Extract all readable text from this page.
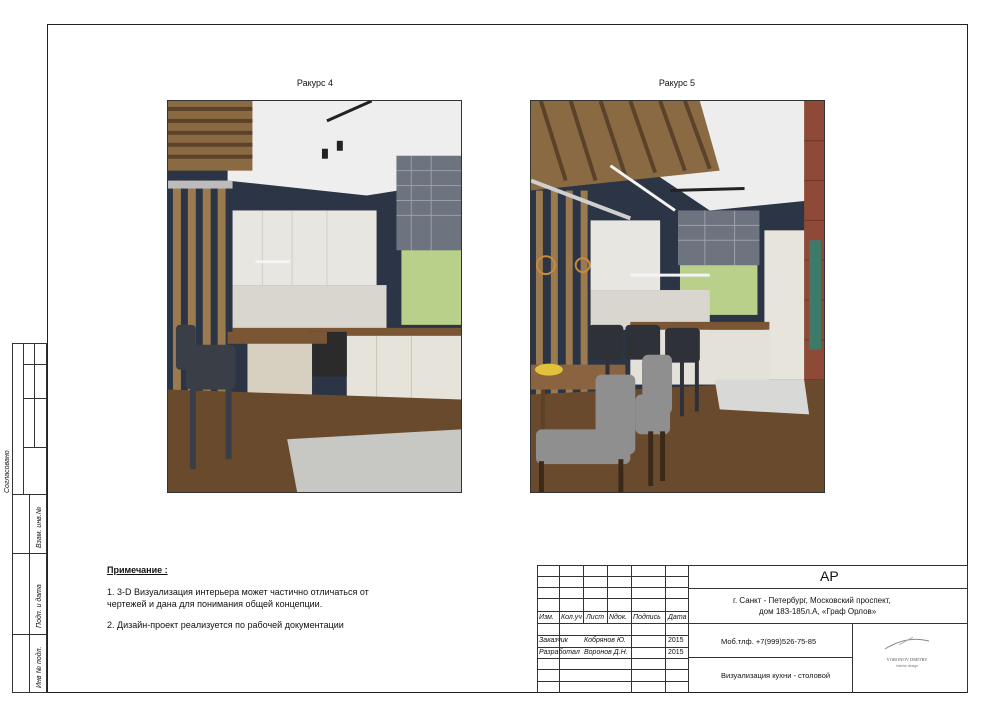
Ракурс 4	Ракурс 5
Согласовано
Взам. инв.№
Подп. и дата
Инв № подл.
Примечание :
1. 3-D Визуализация интерьера может частично отличаться от
чертежей и дана для понимания общей концепции.
2. Дизайн-проект реализуется по рабочей документации
Изм. Кол.уч Лист Nдок. Подпись Дата
Заказчик Кобрянов Ю.	2015
Разработал Воронов Д.Н.	2015
АР
г. Санкт - Петербург, Московский проспект,
дом 183-185л.А, «Граф Орлов»
Моб.тлф. +7(999)526-75-85
Визуализация кухни - столовой
VORONOV DMITRY
interior design
